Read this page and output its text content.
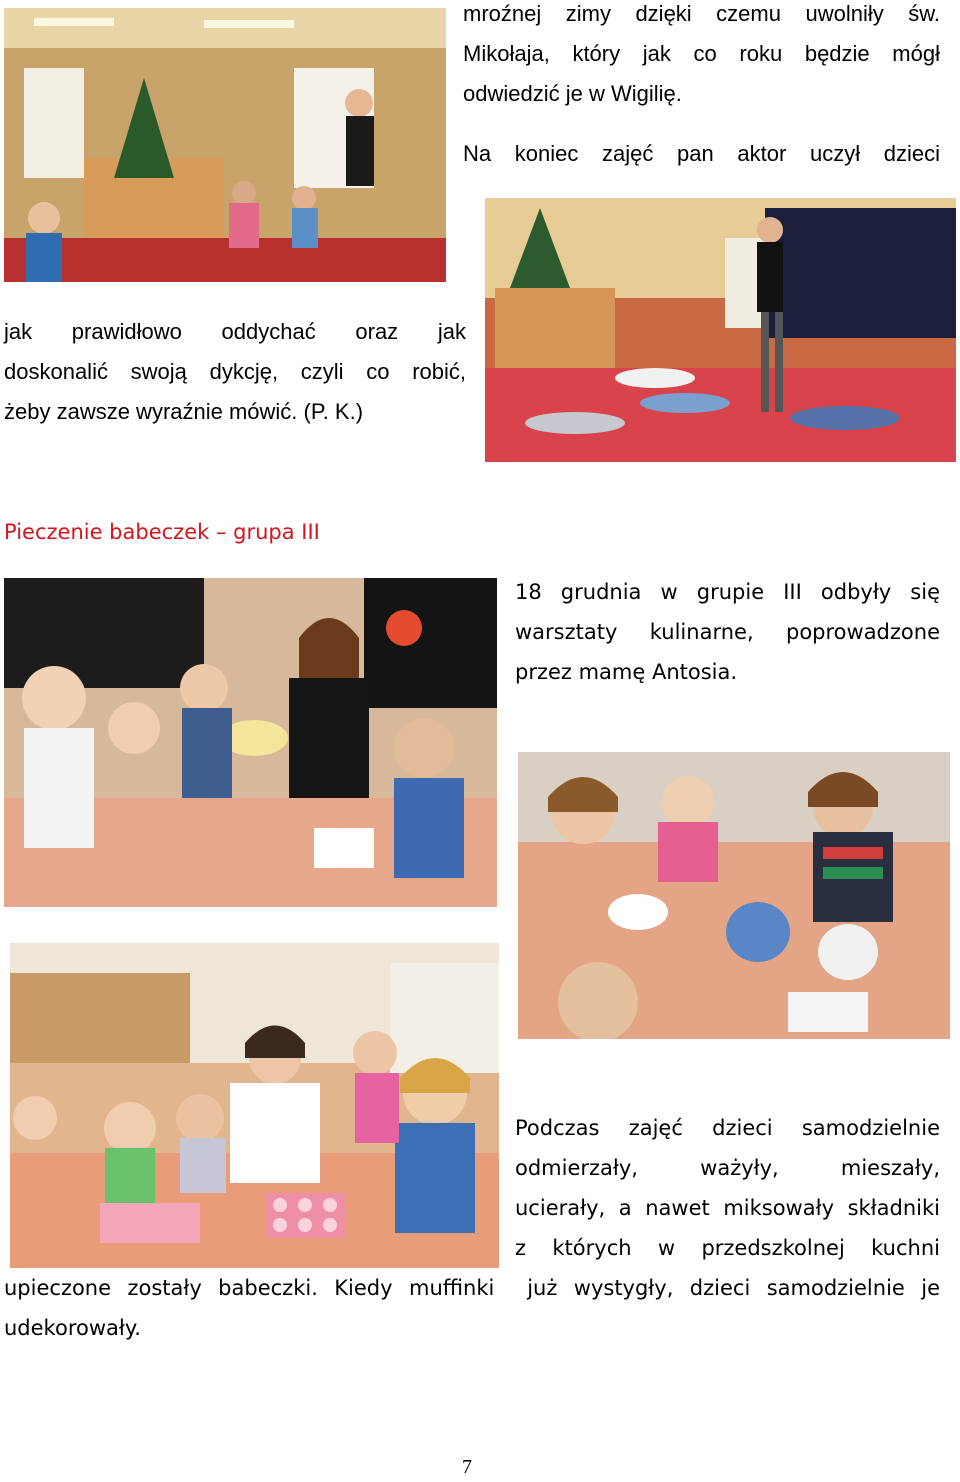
mroźnej zimy dzięki czemu uwolniły św.
Mikołaja, który jak co roku będzie mógł
odwiedzić je w Wigilię.
Na koniec zajęć pan aktor uczył dzieci
jak prawidłowo oddychać oraz jak
doskonalić swoją dykcję, czyli co robić,
żeby zawsze wyraźnie mówić. (P. K.)
Pieczenie babeczek – grupa III
18 grudnia w grupie III odbyły się
warsztaty kulinarne, poprowadzone
przez mamę Antosia.
Podczas zajęć dzieci samodzielnie
odmierzały, ważyły, mieszały,
ucierały, a nawet miksowały składniki
z których w przedszkolnej kuchni
upieczone zostały babeczki. Kiedy muffinki  już wystygły, dzieci samodzielnie je
udekorowały.
7
